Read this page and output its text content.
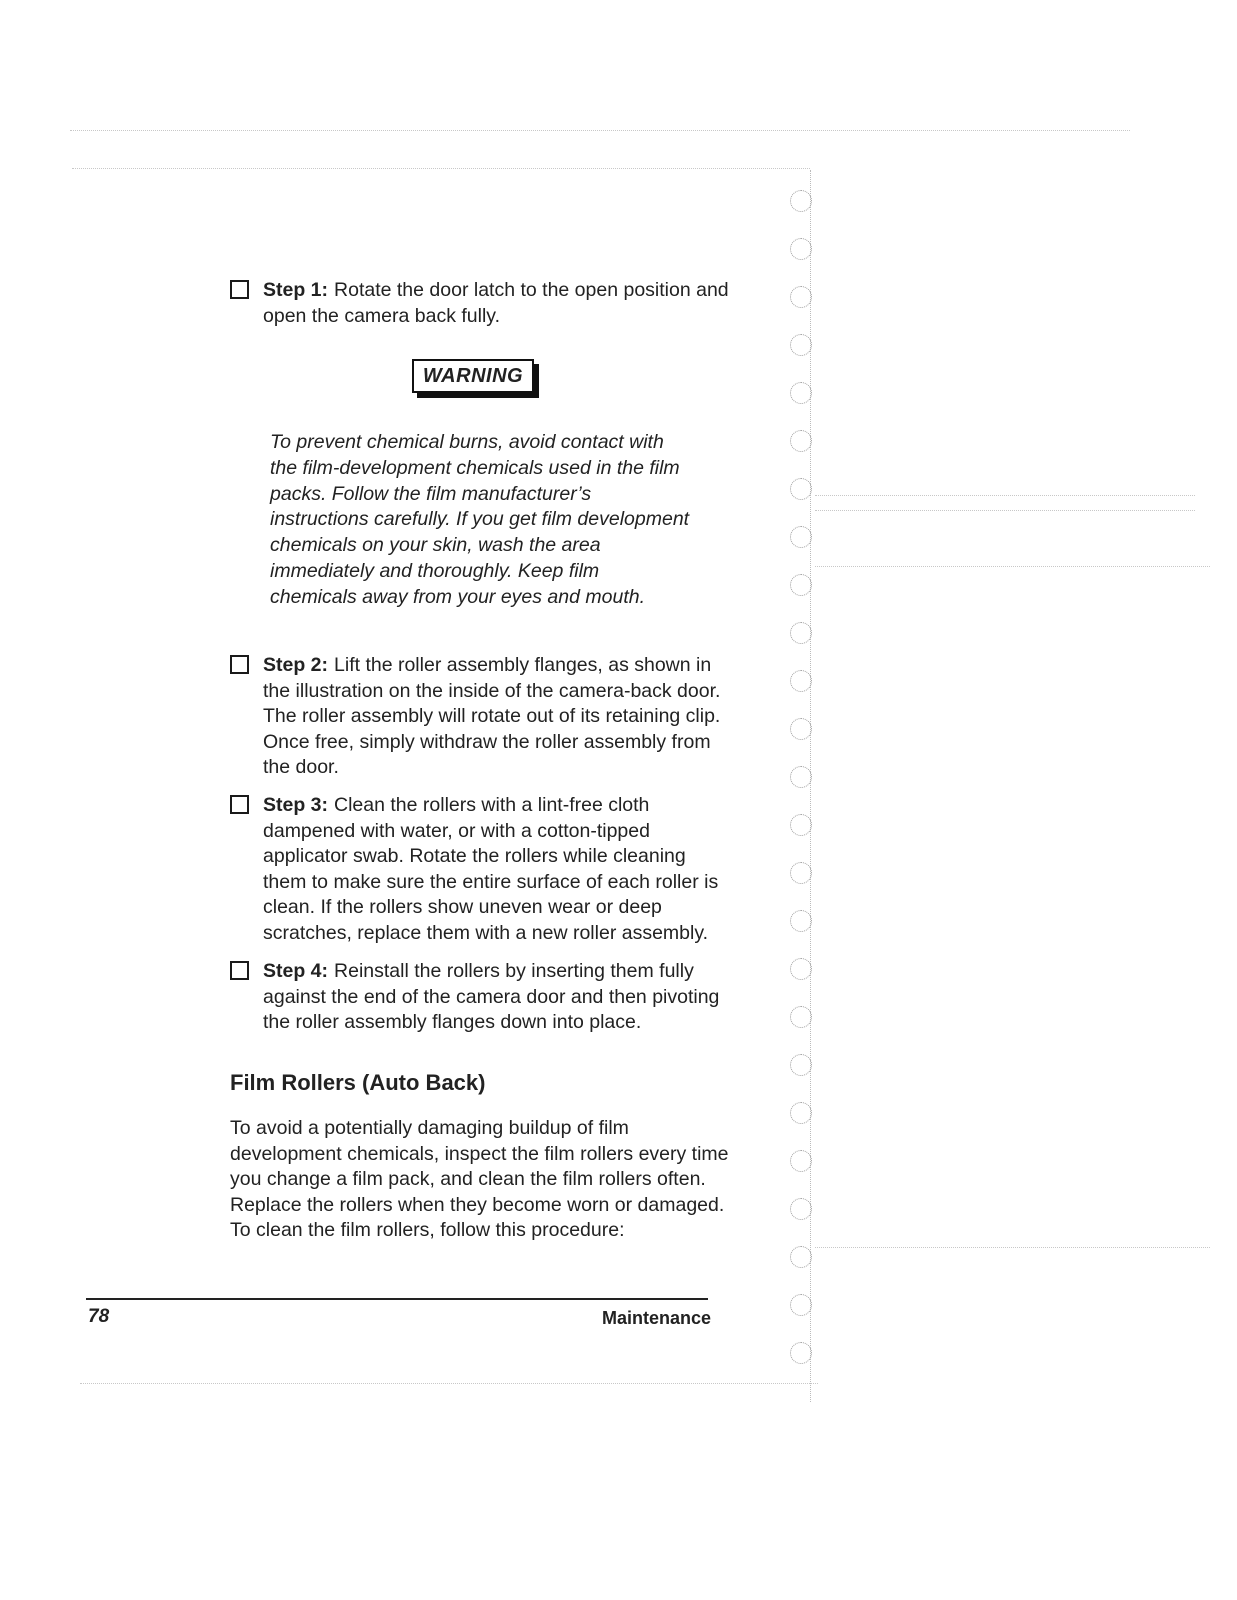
Step 1: Rotate the door latch to the open position and open the camera back fully.
WARNING
To prevent chemical burns, avoid contact with the film-development chemicals used in the film packs. Follow the film manufacturer’s instructions carefully. If you get film development chemicals on your skin, wash the area immediately and thoroughly. Keep film chemicals away from your eyes and mouth.
Step 2: Lift the roller assembly flanges, as shown in the illustration on the inside of the camera-back door. The roller assembly will rotate out of its retaining clip. Once free, simply withdraw the roller assembly from the door.
Step 3: Clean the rollers with a lint-free cloth dampened with water, or with a cotton-tipped applicator swab. Rotate the rollers while cleaning them to make sure the entire surface of each roller is clean. If the rollers show uneven wear or deep scratches, replace them with a new roller assembly.
Step 4: Reinstall the rollers by inserting them fully against the end of the camera door and then pivoting the roller assembly flanges down into place.
Film Rollers (Auto Back)
To avoid a potentially damaging buildup of film development chemicals, inspect the film rollers every time you change a film pack, and clean the film rollers often. Replace the rollers when they become worn or damaged. To clean the film rollers, follow this procedure:
78	Maintenance
